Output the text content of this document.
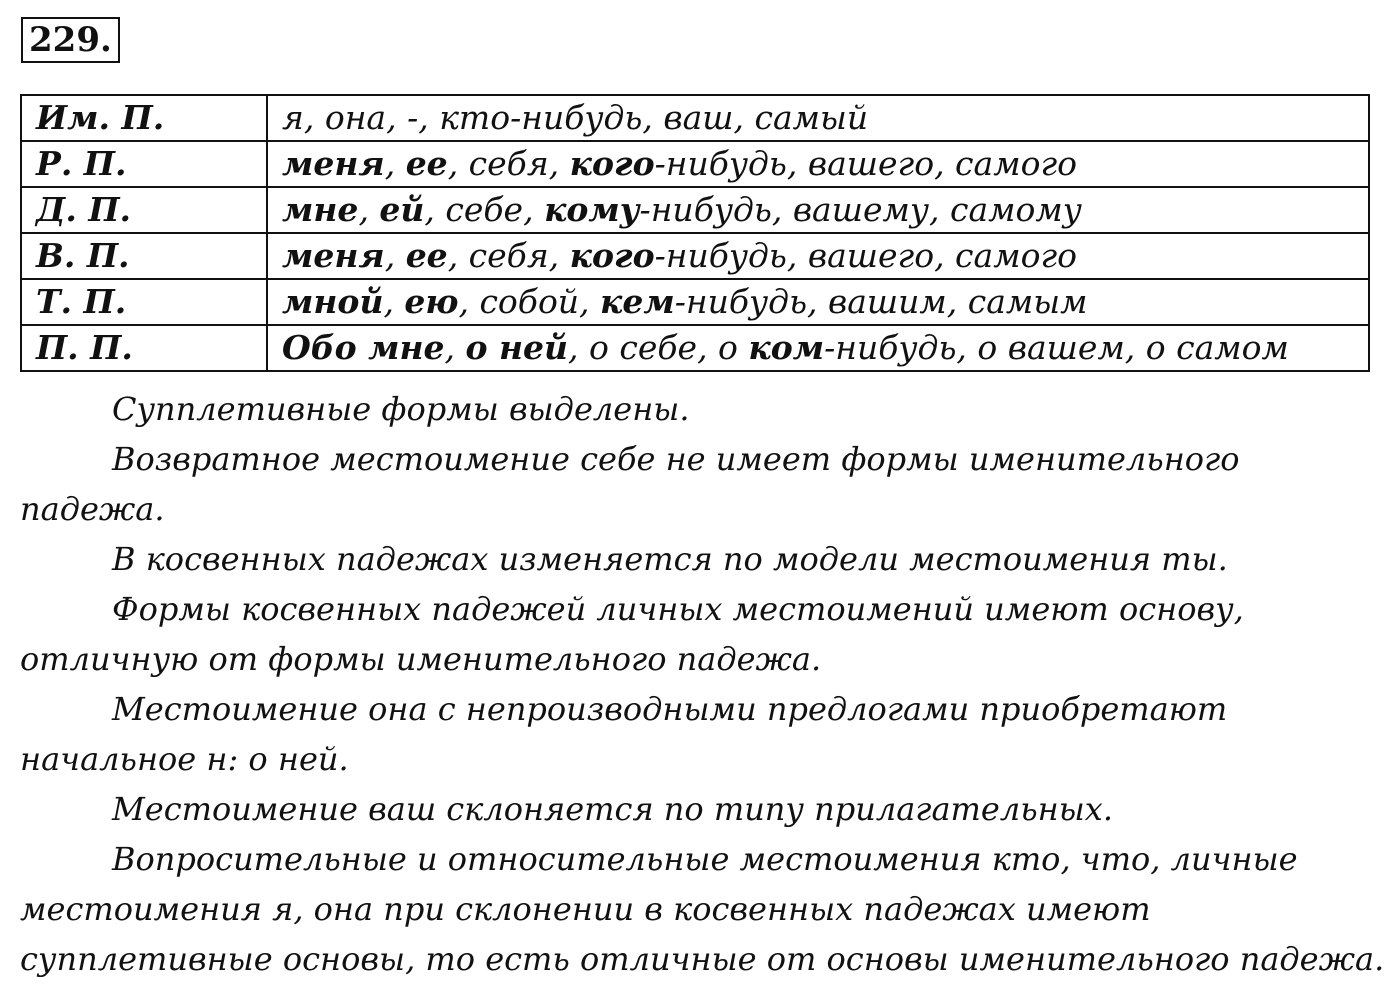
229.
Им. П.	я, она, -, кто-нибудь, ваш, самый
Р. П.	меня, ее, себя, кого-нибудь, вашего, самого
Д. П.	мне, ей, себе, кому-нибудь, вашему, самому
В. П.	меня, ее, себя, кого-нибудь, вашего, самого
Т. П.	мной, ею, собой, кем-нибудь, вашим, самым
П. П.	Обо мне, о ней, о себе, о ком-нибудь, о вашем, о самом

Супплетивные формы выделены.

Возвратное местоимение себе не имеет формы именительного
падежа.

В косвенных падежах изменяется по модели местоимения ты.

Формы косвенных падежей личных местоимений имеют основу,
отличную от формы именительного падежа.

Местоимение она с непроизводными предлогами приобретают
начальное н: о ней.

Местоимение ваш склоняется по типу прилагательных.

Вопросительные и относительные местоимения кто, что, личные
местоимения я, она при склонении в косвенных падежах имеют
супплетивные основы, то есть отличные от основы именительного падежа.
